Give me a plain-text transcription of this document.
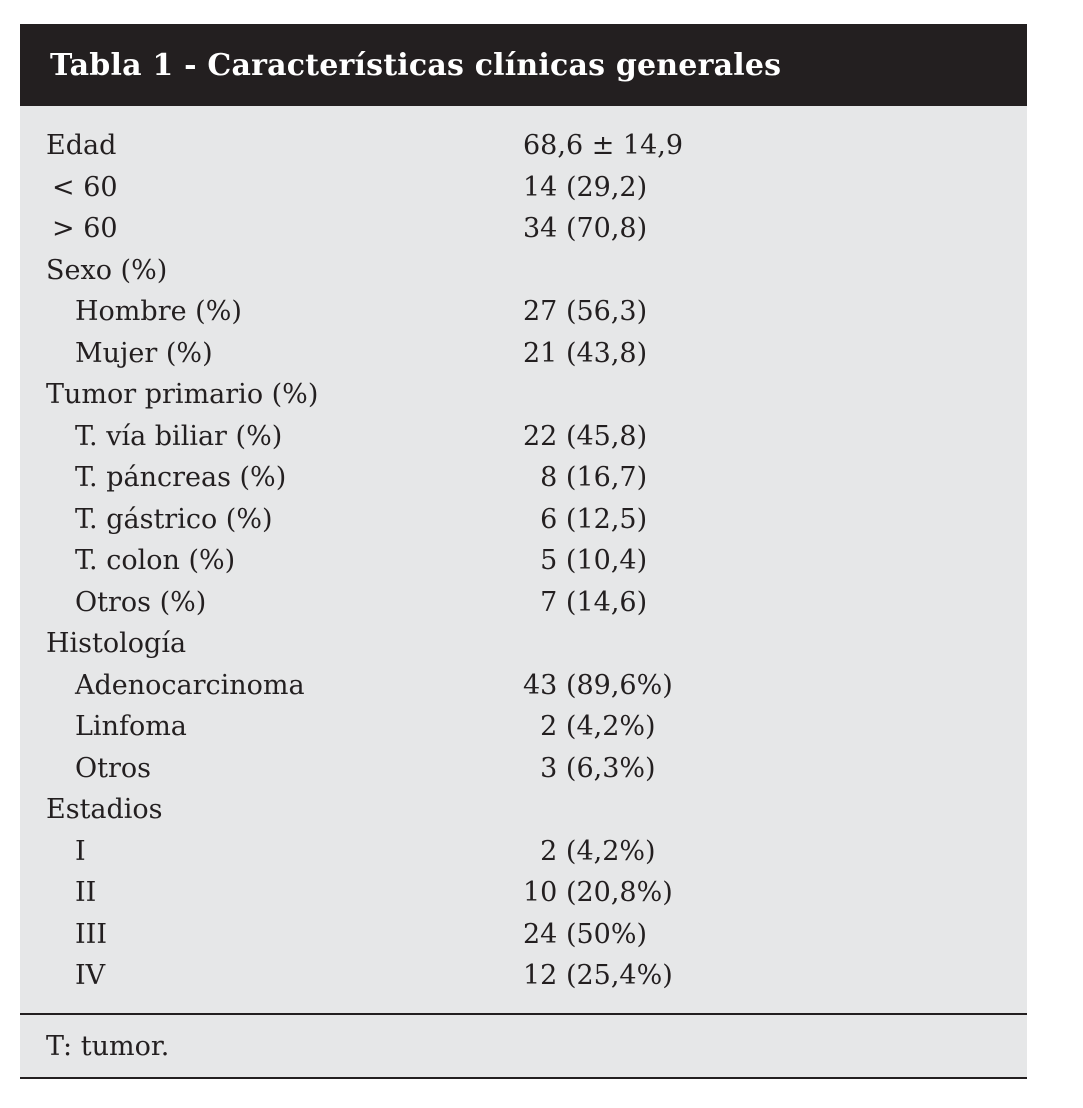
Tabla 1 - Características clínicas generales
Edad	68,6 ± 14,9
< 60	14 (29,2)
> 60	34 (70,8)
Sexo (%)
Hombre (%)	27 (56,3)
Mujer (%)	21 (43,8)
Tumor primario (%)
T. vía biliar (%)	22 (45,8)
T. páncreas (%)	8 (16,7)
T. gástrico (%)	6 (12,5)
T. colon (%)	5 (10,4)
Otros (%)	7 (14,6)
Histología
Adenocarcinoma	43 (89,6%)
Linfoma	2 (4,2%)
Otros	3 (6,3%)
Estadios
I	2 (4,2%)
II	10 (20,8%)
III	24 (50%)
IV	12 (25,4%)
T: tumor.
